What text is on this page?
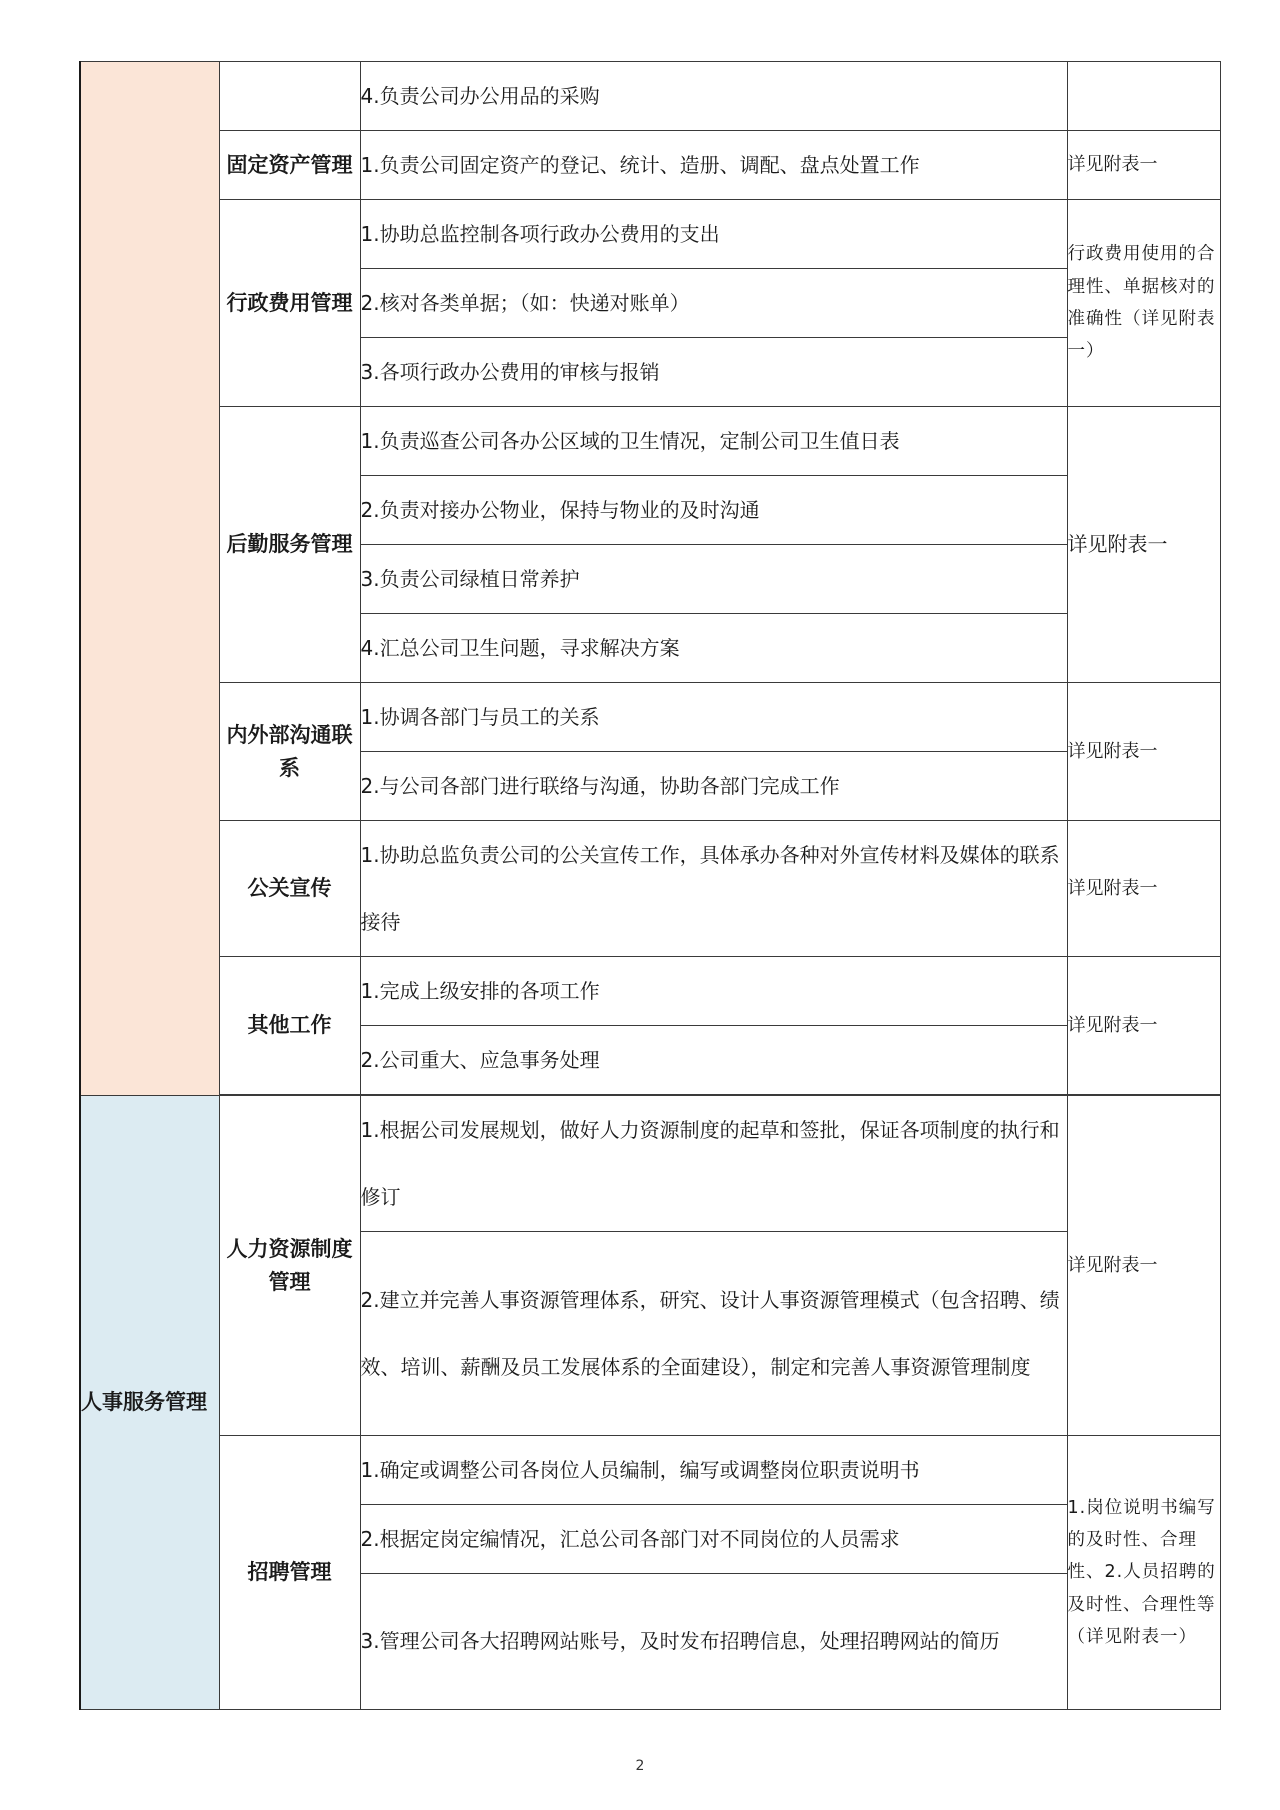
		4.负责公司办公用品的采购	
	固定资产管理	1.负责公司固定资产的登记、统计、造册、调配、盘点处置工作	详见附表一
	行政费用管理	1.协助总监控制各项行政办公费用的支出	行政费用使用的合理性、单据核对的 准确性（详见附表一）
		2.核对各类单据；（如：快递对账单）	
		3.各项行政办公费用的审核与报销	
	后勤服务管理	1.负责巡查公司各办公区域的卫生情况，定制公司卫生值日表	详见附表一
		2.负责对接办公物业，保持与物业的及时沟通	
		3.负责公司绿植日常养护	
		4.汇总公司卫生问题，寻求解决方案	
	内外部沟通联系	1.协调各部门与员工的关系	详见附表一
		2.与公司各部门进行联络与沟通，协助各部门完成工作	
	公关宣传	1.协助总监负责公司的公关宣传工作，具体承办各种对外宣传材料及媒体的联系接待	详见附表一
	其他工作	1.完成上级安排的各项工作	详见附表一
		2.公司重大、应急事务处理	

人事服务管理	人力资源制度管理	1.根据公司发展规划，做好人力资源制度的起草和签批，保证各项制度的执行和修订	详见附表一
		2.建立并完善人事资源管理体系，研究、设计人事资源管理模式（包含招聘、绩效、培训、薪酬及员工发展体系的全面建设），制定和完善人事资源管理制度	
	招聘管理	1.确定或调整公司各岗位人员编制，编写或调整岗位职责说明书	1.岗位说明书编写的及时性、合理性、2.人员招聘的及时性、合理性等（详见附表一）
		2.根据定岗定编情况，汇总公司各部门对不同岗位的人员需求	
		3.管理公司各大招聘网站账号，及时发布招聘信息，处理招聘网站的简历	
2
